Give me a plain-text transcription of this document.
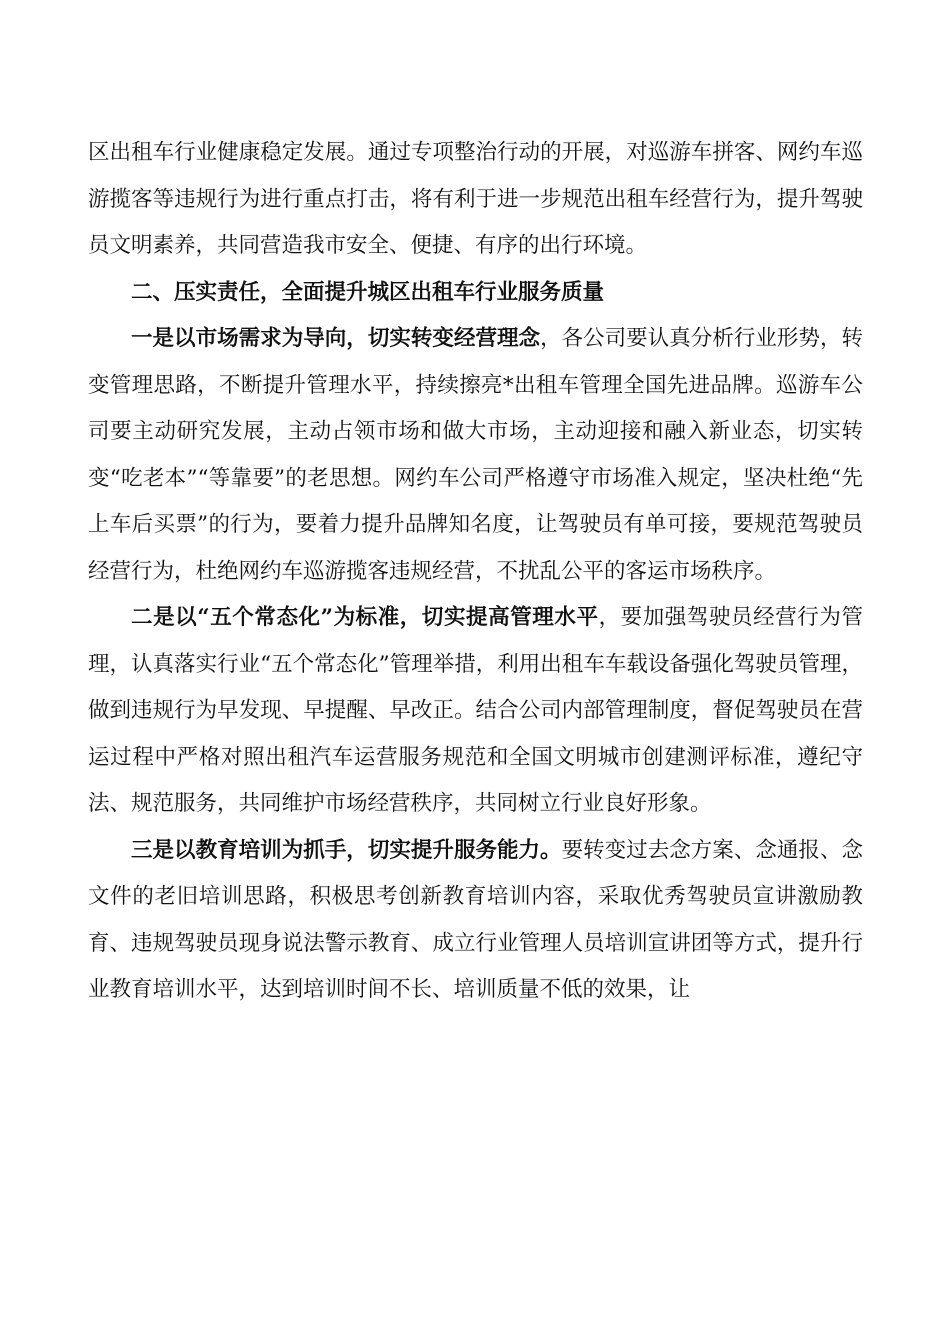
区出租车行业健康稳定发展。通过专项整治行动的开展，对巡游车拼客、网约车巡游揽客等违规行为进行重点打击，将有利于进一步规范出租车经营行为，提升驾驶员文明素养，共同营造我市安全、便捷、有序的出行环境。

二、压实责任，全面提升城区出租车行业服务质量

一是以市场需求为导向，切实转变经营理念，各公司要认真分析行业形势，转变管理思路，不断提升管理水平，持续擦亮*出租车管理全国先进品牌。巡游车公司要主动研究发展，主动占领市场和做大市场，主动迎接和融入新业态，切实转变“吃老本”“等靠要”的老思想。网约车公司严格遵守市场准入规定，坚决杜绝“先上车后买票”的行为，要着力提升品牌知名度，让驾驶员有单可接，要规范驾驶员经营行为，杜绝网约车巡游揽客违规经营，不扰乱公平的客运市场秩序。

二是以“五个常态化”为标准，切实提高管理水平，要加强驾驶员经营行为管理，认真落实行业“五个常态化”管理举措，利用出租车车载设备强化驾驶员管理，做到违规行为早发现、早提醒、早改正。结合公司内部管理制度，督促驾驶员在营运过程中严格对照出租汽车运营服务规范和全国文明城市创建测评标准，遵纪守法、规范服务，共同维护市场经营秩序，共同树立行业良好形象。

三是以教育培训为抓手，切实提升服务能力。要转变过去念方案、念通报、念文件的老旧培训思路，积极思考创新教育培训内容，采取优秀驾驶员宣讲激励教育、违规驾驶员现身说法警示教育、成立行业管理人员培训宣讲团等方式，提升行业教育培训水平，达到培训时间不长、培训质量不低的效果，让
